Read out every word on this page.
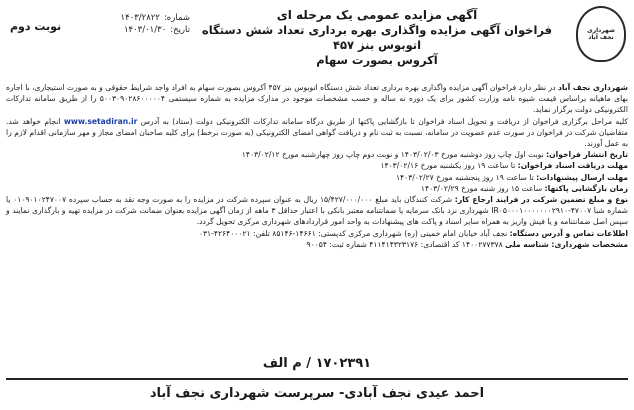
شهرداری نجف آباد
آگهی مزایده عمومی یک مرحله ای
فراخوان آگهی مزایده واگذاری بهره برداری تعداد شش دستگاه اتوبوس بنز ۴۵۷
آکروس بصورت سهام
شماره:
۱۴۰۳/۲۸۲۲
تاریخ:
۱۴۰۳/۰۱/۳۰
نوبت دوم

شهرداری نجف آباد در نظر دارد فراخوان آگهی مزایده واگذاری بهره برداری تعداد شش دستگاه اتوبوس بنز ۴۵۷ آکروس بصورت سهام به افراد واجد شرایط حقوقی و به صورت استیجاری، با اجاره بهای ماهیانه براساس قیمت شیوه نامه وزارت کشور برای یک دوره نه ساله و حسب مشخصات موجود در مدارک مزایده به شماره سیستمی ۵۰۰۳۰۹۰۲۸۶۰۰۰۰۰۴ را از طریق سامانه تدارکات الکترونیکی دولت برگزار نماید.

کلیه مراحل برگزاری فراخوان از دریافت و تحویل اسناد فراخوان تا بازگشایی پاکتها از طریق درگاه سامانه تدارکات الکترونیکی دولت (ستاد) به آدرس www.setadiran.ir انجام خواهد شد. متقاضیان شرکت در فراخوان در صورت عدم عضویت در سامانه، نسبت به ثبت نام و دریافت گواهی امضای الکترونیکی (به صورت برخط) برای کلیه صاحبان امضای مجاز و مهر سازمانی اقدام لازم را به عمل آورند.

تاریخ انتشار فراخوان: نوبت اول چاپ روز دوشنبه مورخ ۱۴۰۳/۰۲/۰۳ و نوبت دوم چاپ روز چهارشنبه مورخ ۱۴۰۳/۰۲/۱۲

مهلت دریافت اسناد فراخوان: تا ساعت ۱۹ روز یکشنبه مورخ ۱۴۰۳/۰۲/۱۶

مهلت ارسال پیشنهادات: تا ساعت ۱۹ روز پنجشنبه مورخ ۱۴۰۳/۰۲/۲۷

زمان بازگشایی پاکتها: ساعت ۱۵ روز شنبه مورخ ۱۴۰۳/۰۲/۲۹

نوع و مبلغ تضمین شرکت در فرایند ارجاع کار: شرکت کنندگان باید مبلغ ۱۵/۴۲۷/۰۰۰/۰۰۰ ریال به عنوان سپرده شرکت در مزایده را به صورت وجه نقد به حساب سپرده ۰۱۰۹۰۱۰۲۴۷۰۰۷ یا شماره شبا ۴۷۰۰۷-IR۰۵۰۰۰۱۰۰۰۰۰۰۰۲۹۱۰ شهرداری نزد بانک سرمایه یا ضمانتنامه معتبر بانکی با اعتبار حداقل ۳ ماهه از زمان آگهی مزایده بعنوان ضمانت شرکت در مزایده تهیه و بارگذاری نمایند و سپس اصل ضمانتنامه و یا فیش واریز به همراه سایر اسناد و پاکت های پیشنهادات به واحد امور قراردادهای شهرداری مرکزی تحویل گردد.

اطلاعات تماس و آدرس دستگاه: نجف آباد خیابان امام خمینی (ره) شهرداری مرکزی کدپستی: ۱۴۶۶۱-۸۵۱۴۶ تلفن: ۴۲۶۴۰۰۰۲۱-۰۳۱

مشخصات شهرداری: شناسه ملی ۱۴۰۰۲۷۷۳۷۸ کد اقتصادی: ۴۱۱۴۱۴۳۲۳۱۷۶ شماره ثبت: ۹۰۰۵۴

۱۷۰۲۳۹۱ / م الف
احمد عیدی نجف آبادی- سرپرست شهرداری نجف آباد
